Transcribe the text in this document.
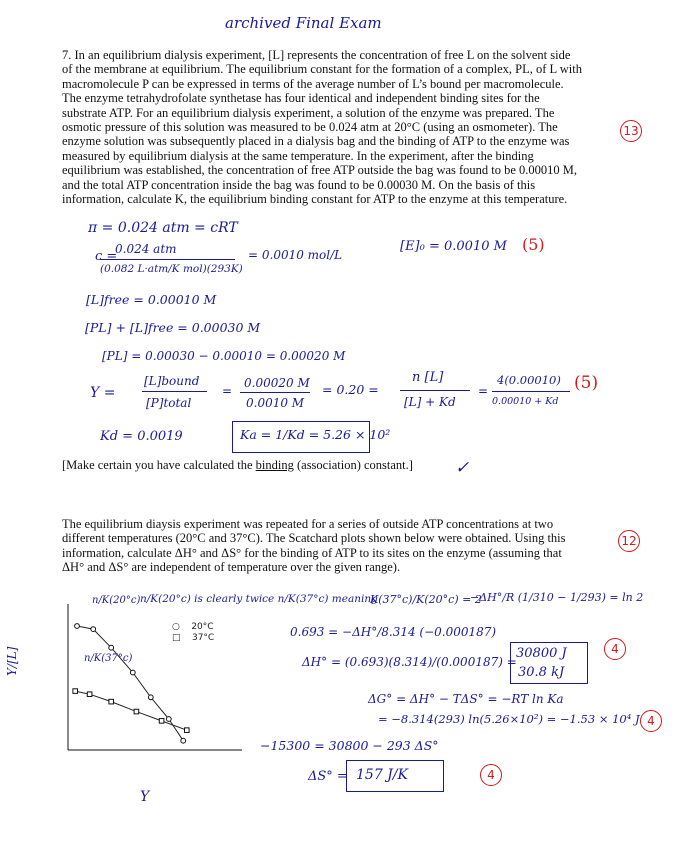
archived Final Exam
7. In an equilibrium dialysis experiment, [L] represents the concentration of free L on the solvent side
of the membrane at equilibrium. The equilibrium constant for the formation of a complex, PL, of L with
macromolecule P can be expressed in terms of the average number of L’s bound per macromolecule.
The enzyme tetrahydrofolate synthetase has four identical and independent binding sites for the
substrate ATP. For an equilibrium dialysis experiment, a solution of the enzyme was prepared. The
osmotic pressure of this solution was measured to be 0.024 atm at 20°C (using an osmometer). The
enzyme solution was subsequently placed in a dialysis bag and the binding of ATP to the enzyme was
measured by equilibrium dialysis at the same temperature. In the experiment, after the binding
equilibrium was established, the concentration of free ATP outside the bag was found to be 0.00010 M,
and the total ATP concentration inside the bag was found to be 0.00030 M. On the basis of this
information, calculate K, the equilibrium binding constant for ATP to the enzyme at this temperature.
13
π = 0.024 atm = cRT
c =
0.024 atm
(0.082 L·atm/K mol)(293K)
= 0.0010 mol/L
[E]₀ = 0.0010 M (5)
[L]free = 0.00010 M
[PL] + [L]free = 0.00030 M
[PL] = 0.00030 − 0.00010 = 0.00020 M
Y =
[L]bound
[P]total
=
0.00020 M
0.0010 M
= 0.20 =
n [L]
[L] + Kd
=
4(0.00010)
0.00010 + Kd
(5)
Kd = 0.0019	Ka = 1/Kd = 5.26 × 10²
[Make certain you have calculated the binding (association) constant.] ✓
The equilibrium diaysis experiment was repeated for a series of outside ATP concentrations at two
different temperatures (20°C and 37°C). The Scatchard plots shown below were obtained. Using this
information, calculate ΔH° and ΔS° for the binding of ATP to its sites on the enzyme (assuming that
ΔH° and ΔS° are independent of temperature over the given range).
12
○ 20°C
□ 37°C
Y/[L]
Y
n/K(20°c)
n/K(37°c)
n/K(20°c) is clearly twice n/K(37°c) meaning
K(37°c)/K(20°c) = 2
−ΔH°/R (1/310 − 1/293) = ln 2
0.693 = −ΔH°/8.314 (−0.000187)
ΔH° = (0.693)(8.314)/(0.000187) =
30800 J
30.8 kJ
4
ΔG° = ΔH° − TΔS° = −RT ln Ka
= −8.314(293) ln(5.26×10²) = −1.53 × 10⁴ J 4
−15300 = 30800 − 293 ΔS°
ΔS° = 157 J/K	4
